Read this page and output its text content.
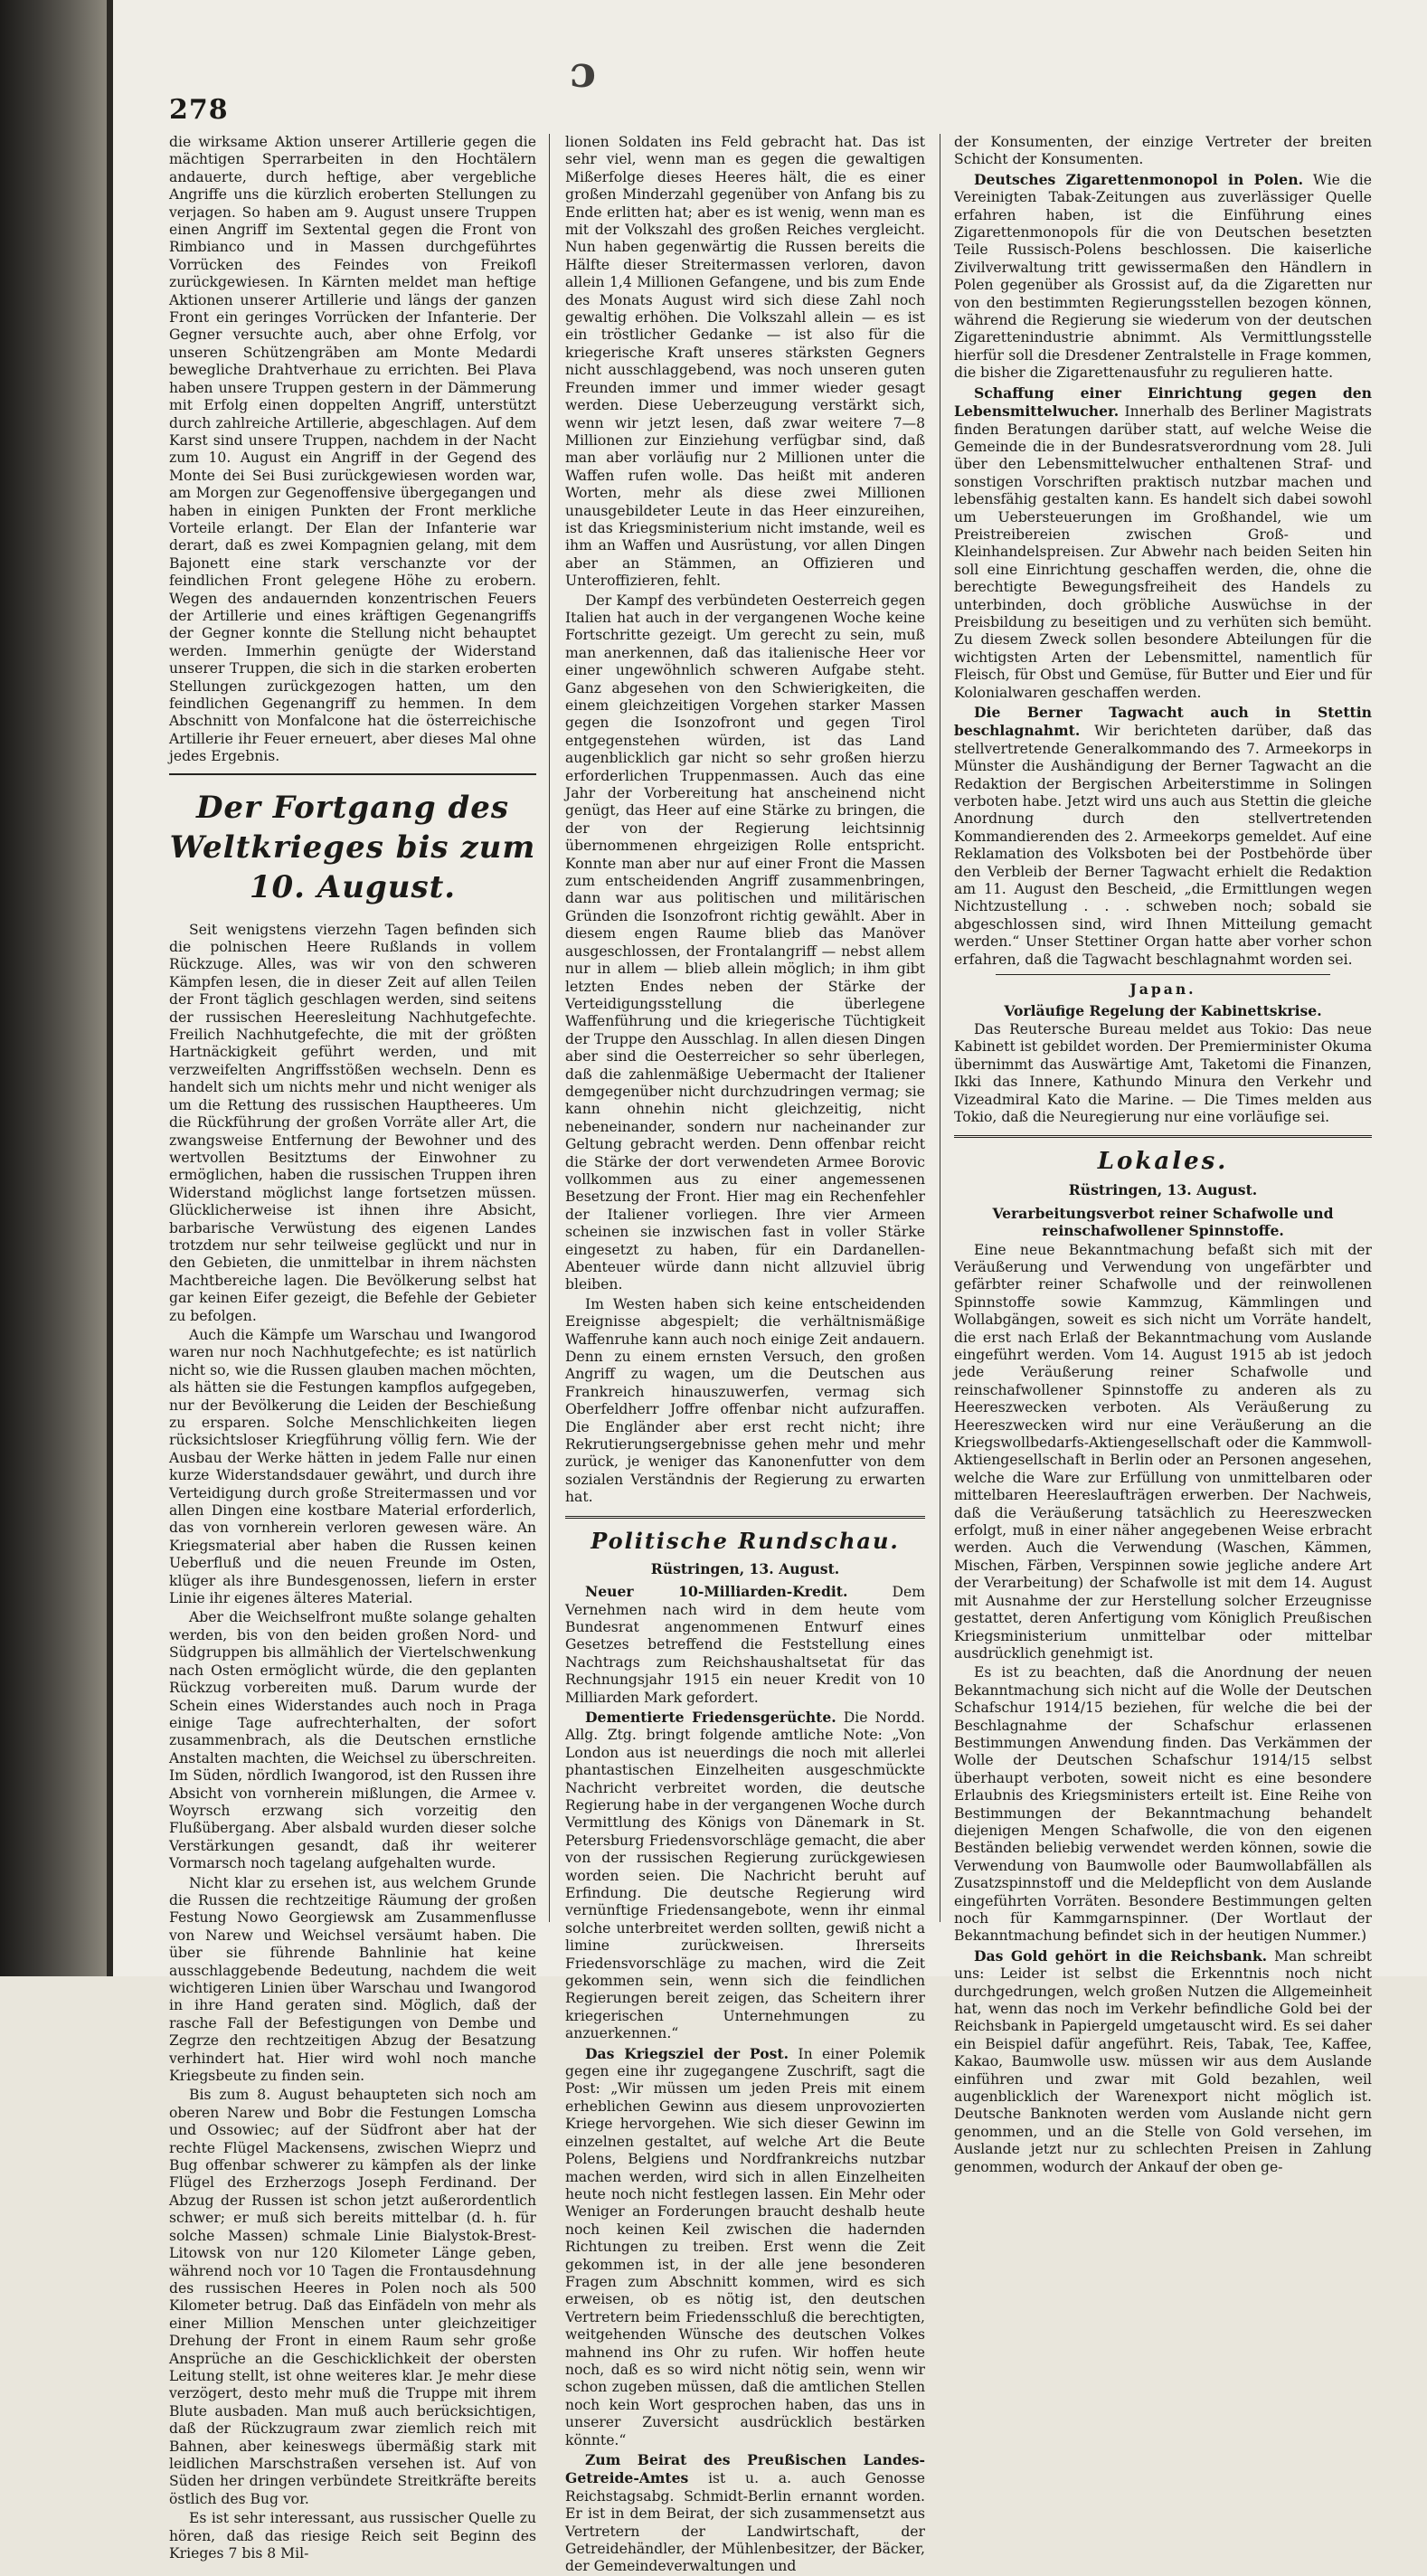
278
ɔ

die wirksame Aktion unserer Artillerie gegen die mächtigen Sperrarbeiten in den Hochtälern andauerte, durch heftige, aber vergebliche Angriffe uns die kürzlich eroberten Stellungen zu verjagen. So haben am 9. August unsere Truppen einen Angriff im Sextental gegen die Front von Rimbianco und in Massen durchgeführtes Vorrücken des Feindes von Freikofl zurückgewiesen. In Kärnten meldet man heftige Aktionen unserer Artillerie und längs der ganzen Front ein geringes Vorrücken der Infanterie. Der Gegner versuchte auch, aber ohne Erfolg, vor unseren Schützengräben am Monte Medardi bewegliche Drahtverhaue zu errichten. Bei Plava haben unsere Truppen gestern in der Dämmerung mit Erfolg einen doppelten Angriff, unterstützt durch zahlreiche Artillerie, abgeschlagen. Auf dem Karst sind unsere Truppen, nachdem in der Nacht zum 10. August ein Angriff in der Gegend des Monte dei Sei Busi zurückgewiesen worden war, am Morgen zur Gegenoffensive übergegangen und haben in einigen Punkten der Front merkliche Vorteile erlangt. Der Elan der Infanterie war derart, daß es zwei Kompagnien gelang, mit dem Bajonett eine stark verschanzte vor der feindlichen Front gelegene Höhe zu erobern. Wegen des andauernden konzentrischen Feuers der Artillerie und eines kräftigen Gegenangriffs der Gegner konnte die Stellung nicht behauptet werden. Immerhin genügte der Widerstand unserer Truppen, die sich in die starken eroberten Stellungen zurückgezogen hatten, um den feindlichen Gegenangriff zu hemmen. In dem Abschnitt von Monfalcone hat die österreichische Artillerie ihr Feuer erneuert, aber dieses Mal ohne jedes Ergebnis.

Der Fortgang des Weltkrieges bis zum 10. August.

Seit wenigstens vierzehn Tagen befinden sich die polnischen Heere Rußlands in vollem Rückzuge. Alles, was wir von den schweren Kämpfen lesen, die in dieser Zeit auf allen Teilen der Front täglich geschlagen werden, sind seitens der russischen Heeresleitung Nachhutgefechte. Freilich Nachhutgefechte, die mit der größten Hartnäckigkeit geführt werden, und mit verzweifelten Angriffsstößen wechseln. Denn es handelt sich um nichts mehr und nicht weniger als um die Rettung des russischen Hauptheeres. Um die Rückführung der großen Vorräte aller Art, die zwangsweise Entfernung der Bewohner und des wertvollen Besitztums der Einwohner zu ermöglichen, haben die russischen Truppen ihren Widerstand möglichst lange fortsetzen müssen. Glücklicherweise ist ihnen ihre Absicht, barbarische Verwüstung des eigenen Landes trotzdem nur sehr teilweise geglückt und nur in den Gebieten, die unmittelbar in ihrem nächsten Machtbereiche lagen. Die Bevölkerung selbst hat gar keinen Eifer gezeigt, die Befehle der Gebieter zu befolgen.

Auch die Kämpfe um Warschau und Iwangorod waren nur noch Nachhutgefechte; es ist natürlich nicht so, wie die Russen glauben machen möchten, als hätten sie die Festungen kampflos aufgegeben, nur der Bevölkerung die Leiden der Beschießung zu ersparen. Solche Menschlichkeiten liegen rücksichtsloser Kriegführung völlig fern. Wie der Ausbau der Werke hätten in jedem Falle nur einen kurze Widerstandsdauer gewährt, und durch ihre Verteidigung durch große Streitermassen und vor allen Dingen eine kostbare Material erforderlich, das von vornherein verloren gewesen wäre. An Kriegsmaterial aber haben die Russen keinen Ueberfluß und die neuen Freunde im Osten, klüger als ihre Bundesgenossen, liefern in erster Linie ihr eigenes älteres Material.

Aber die Weichselfront mußte solange gehalten werden, bis von den beiden großen Nord- und Südgruppen bis allmählich der Viertelschwenkung nach Osten ermöglicht würde, die den geplanten Rückzug vorbereiten muß. Darum wurde der Schein eines Widerstandes auch noch in Praga einige Tage aufrechterhalten, der sofort zusammenbrach, als die Deutschen ernstliche Anstalten machten, die Weichsel zu überschreiten. Im Süden, nördlich Iwangorod, ist den Russen ihre Absicht von vornherein mißlungen, die Armee v. Woyrsch erzwang sich vorzeitig den Flußübergang. Aber alsbald wurden dieser solche Verstärkungen gesandt, daß ihr weiterer Vormarsch noch tagelang aufgehalten wurde.

Nicht klar zu ersehen ist, aus welchem Grunde die Russen die rechtzeitige Räumung der großen Festung Nowo Georgiewsk am Zusammenflusse von Narew und Weichsel versäumt haben. Die über sie führende Bahnlinie hat keine ausschlaggebende Bedeutung, nachdem die weit wichtigeren Linien über Warschau und Iwangorod in ihre Hand geraten sind. Möglich, daß der rasche Fall der Befestigungen von Dembe und Zegrze den rechtzeitigen Abzug der Besatzung verhindert hat. Hier wird wohl noch manche Kriegsbeute zu finden sein.

Bis zum 8. August behaupteten sich noch am oberen Narew und Bobr die Festungen Lomscha und Ossowiec; auf der Südfront aber hat der rechte Flügel Mackensens, zwischen Wieprz und Bug offenbar schwerer zu kämpfen als der linke Flügel des Erzherzogs Joseph Ferdinand. Der Abzug der Russen ist schon jetzt außerordentlich schwer; er muß sich bereits mittelbar (d. h. für solche Massen) schmale Linie Bialystok-Brest-Litowsk von nur 120 Kilometer Länge geben, während noch vor 10 Tagen die Frontausdehnung des russischen Heeres in Polen noch als 500 Kilometer betrug. Daß das Einfädeln von mehr als einer Million Menschen unter gleichzeitiger Drehung der Front in einem Raum sehr große Ansprüche an die Geschicklichkeit der obersten Leitung stellt, ist ohne weiteres klar. Je mehr diese verzögert, desto mehr muß die Truppe mit ihrem Blute ausbaden. Man muß auch berücksichtigen, daß der Rückzugraum zwar ziemlich reich mit Bahnen, aber keineswegs übermäßig stark mit leidlichen Marschstraßen versehen ist. Auf von Süden her dringen verbündete Streitkräfte bereits östlich des Bug vor.

Es ist sehr interessant, aus russischer Quelle zu hören, daß das riesige Reich seit Beginn des Krieges 7 bis 8 Mil-

lionen Soldaten ins Feld gebracht hat. Das ist sehr viel, wenn man es gegen die gewaltigen Mißerfolge dieses Heeres hält, die es einer großen Minderzahl gegenüber von Anfang bis zu Ende erlitten hat; aber es ist wenig, wenn man es mit der Volkszahl des großen Reiches vergleicht. Nun haben gegenwärtig die Russen bereits die Hälfte dieser Streitermassen verloren, davon allein 1,4 Millionen Gefangene, und bis zum Ende des Monats August wird sich diese Zahl noch gewaltig erhöhen. Die Volkszahl allein — es ist ein tröstlicher Gedanke — ist also für die kriegerische Kraft unseres stärksten Gegners nicht ausschlaggebend, was noch unseren guten Freunden immer und immer wieder gesagt werden. Diese Ueberzeugung verstärkt sich, wenn wir jetzt lesen, daß zwar weitere 7—8 Millionen zur Einziehung verfügbar sind, daß man aber vorläufig nur 2 Millionen unter die Waffen rufen wolle. Das heißt mit anderen Worten, mehr als diese zwei Millionen unausgebildeter Leute in das Heer einzureihen, ist das Kriegsministerium nicht imstande, weil es ihm an Waffen und Ausrüstung, vor allen Dingen aber an Stämmen, an Offizieren und Unteroffizieren, fehlt.

Der Kampf des verbündeten Oesterreich gegen Italien hat auch in der vergangenen Woche keine Fortschritte gezeigt. Um gerecht zu sein, muß man anerkennen, daß das italienische Heer vor einer ungewöhnlich schweren Aufgabe steht. Ganz abgesehen von den Schwierigkeiten, die einem gleichzeitigen Vorgehen starker Massen gegen die Isonzofront und gegen Tirol entgegenstehen würden, ist das Land augenblicklich gar nicht so sehr großen hierzu erforderlichen Truppenmassen. Auch das eine Jahr der Vorbereitung hat anscheinend nicht genügt, das Heer auf eine Stärke zu bringen, die der von der Regierung leichtsinnig übernommenen ehrgeizigen Rolle entspricht. Konnte man aber nur auf einer Front die Massen zum entscheidenden Angriff zusammenbringen, dann war aus politischen und militärischen Gründen die Isonzofront richtig gewählt. Aber in diesem engen Raume blieb das Manöver ausgeschlossen, der Frontalangriff — nebst allem nur in allem — blieb allein möglich; in ihm gibt letzten Endes neben der Stärke der Verteidigungsstellung die überlegene Waffenführung und die kriegerische Tüchtigkeit der Truppe den Ausschlag. In allen diesen Dingen aber sind die Oesterreicher so sehr überlegen, daß die zahlenmäßige Uebermacht der Italiener demgegenüber nicht durchzudringen vermag; sie kann ohnehin nicht gleichzeitig, nicht nebeneinander, sondern nur nacheinander zur Geltung gebracht werden. Denn offenbar reicht die Stärke der dort verwendeten Armee Borovic vollkommen aus zu einer angemessenen Besetzung der Front. Hier mag ein Rechenfehler der Italiener vorliegen. Ihre vier Armeen scheinen sie inzwischen fast in voller Stärke eingesetzt zu haben, für ein Dardanellen-Abenteuer würde dann nicht allzuviel übrig bleiben.

Im Westen haben sich keine entscheidenden Ereignisse abgespielt; die verhältnismäßige Waffenruhe kann auch noch einige Zeit andauern. Denn zu einem ernsten Versuch, den großen Angriff zu wagen, um die Deutschen aus Frankreich hinauszuwerfen, vermag sich Oberfeldherr Joffre offenbar nicht aufzuraffen. Die Engländer aber erst recht nicht; ihre Rekrutierungsergebnisse gehen mehr und mehr zurück, je weniger das Kanonenfutter von dem sozialen Verständnis der Regierung zu erwarten hat.

Politische Rundschau.
Rüstringen, 13. August.

Neuer 10-Milliarden-Kredit.	Dem Vernehmen nach wird in dem heute vom Bundesrat angenommenen Entwurf eines Gesetzes betreffend die Feststellung eines Nachtrags zum Reichshaushaltsetat für das Rechnungsjahr 1915 ein neuer Kredit von 10 Milliarden Mark gefordert.

Dementierte Friedensgerüchte. Die Nordd. Allg. Ztg. bringt folgende amtliche Note: „Von London aus ist neuerdings die noch mit allerlei phantastischen Einzelheiten ausgeschmückte Nachricht verbreitet worden, die deutsche Regierung habe in der vergangenen Woche durch Vermittlung des Königs von Dänemark in St. Petersburg Friedensvorschläge gemacht, die aber von der russischen Regierung zurückgewiesen worden seien. Die Nachricht beruht auf Erfindung. Die deutsche Regierung wird vernünftige Friedensangebote, wenn ihr einmal solche unterbreitet werden sollten, gewiß nicht a limine zurückweisen. Ihrerseits Friedensvorschläge zu machen, wird die Zeit gekommen sein, wenn sich die feindlichen Regierungen bereit zeigen, das Scheitern ihrer kriegerischen Unternehmungen zu anzuerkennen.“

Das Kriegsziel der Post. In einer Polemik gegen eine ihr zugegangene Zuschrift, sagt die Post: „Wir müssen um jeden Preis mit einem erheblichen Gewinn aus diesem unprovozierten Kriege hervorgehen. Wie sich dieser Gewinn im einzelnen gestaltet, auf welche Art die Beute Polens, Belgiens und Nordfrankreichs nutzbar machen werden, wird sich in allen Einzelheiten heute noch nicht festlegen lassen. Ein Mehr oder Weniger an Forderungen braucht deshalb heute noch keinen Keil zwischen die hadernden Richtungen zu treiben. Erst wenn die Zeit gekommen ist, in der alle jene besonderen Fragen zum Abschnitt kommen, wird es sich erweisen, ob es nötig ist, den deutschen Vertretern beim Friedensschluß die berechtigten, weitgehenden Wünsche des deutschen Volkes mahnend ins Ohr zu rufen. Wir hoffen heute noch, daß es so wird nicht nötig sein, wenn wir schon zugeben müssen, daß die amtlichen Stellen noch kein Wort gesprochen haben, das uns in unserer Zuversicht ausdrücklich bestärken könnte.“

Zum Beirat des Preußischen Landes-Getreide-Amtes ist u. a. auch Genosse Reichstagsabg. Schmidt-Berlin ernannt worden. Er ist in dem Beirat, der sich zusammensetzt aus Vertretern der Landwirtschaft, der Getreidehändler, der Mühlenbesitzer, der Bäcker, der Gemeindeverwaltungen und

der Konsumenten, der einzige Vertreter der breiten Schicht der Konsumenten.

Deutsches Zigarettenmonopol in Polen. Wie die Vereinigten Tabak-Zeitungen aus zuverlässiger Quelle erfahren haben, ist die Einführung eines Zigarettenmonopols für die von Deutschen besetzten Teile Russisch-Polens beschlossen. Die kaiserliche Zivilverwaltung tritt gewissermaßen den Händlern in Polen gegenüber als Grossist auf, da die Zigaretten nur von den bestimmten Regierungsstellen bezogen können, während die Regierung sie wiederum von der deutschen Zigarettenindustrie abnimmt. Als Vermittlungsstelle hierfür soll die Dresdener Zentralstelle in Frage kommen, die bisher die Zigarettenausfuhr zu regulieren hatte.

Schaffung einer Einrichtung gegen den Lebensmittelwucher. Innerhalb des Berliner Magistrats finden Beratungen darüber statt, auf welche Weise die Gemeinde die in der Bundesratsverordnung vom 28. Juli über den Lebensmittelwucher enthaltenen Straf- und sonstigen Vorschriften praktisch nutzbar machen und lebensfähig gestalten kann. Es handelt sich dabei sowohl um Uebersteuerungen im Großhandel, wie um Preistreibereien zwischen Groß- und Kleinhandelspreisen. Zur Abwehr nach beiden Seiten hin soll eine Einrichtung geschaffen werden, die, ohne die berechtigte Bewegungsfreiheit des Handels zu unterbinden, doch gröbliche Auswüchse in der Preisbildung zu beseitigen und zu verhüten sich bemüht. Zu diesem Zweck sollen besondere Abteilungen für die wichtigsten Arten der Lebensmittel, namentlich für Fleisch, für Obst und Gemüse, für Butter und Eier und für Kolonialwaren geschaffen werden.

Die Berner Tagwacht auch in Stettin beschlagnahmt. Wir berichteten darüber, daß das stellvertretende Generalkommando des 7. Armeekorps in Münster die Aushändigung der Berner Tagwacht an die Redaktion der Bergischen Arbeiterstimme in Solingen verboten habe. Jetzt wird uns auch aus Stettin die gleiche Anordnung durch den stellvertretenden Kommandierenden des 2. Armeekorps gemeldet. Auf eine Reklamation des Volksboten bei der Postbehörde über den Verbleib der Berner Tagwacht erhielt die Redaktion am 11. August den Bescheid, „die Ermittlungen wegen Nichtzustellung . . . schweben noch; sobald sie abgeschlossen sind, wird Ihnen Mitteilung gemacht werden.“ Unser Stettiner Organ hatte aber vorher schon erfahren, daß die Tagwacht beschlagnahmt worden sei.

Japan.

Vorläufige Regelung der Kabinettskrise.

Das Reutersche Bureau meldet aus Tokio: Das neue Kabinett ist gebildet worden. Der Premierminister Okuma übernimmt das Auswärtige Amt, Taketomi die Finanzen, Ikki das Innere, Kathundo Minura den Verkehr und Vizeadmiral Kato die Marine. — Die Times melden aus Tokio, daß die Neuregierung nur eine vorläufige sei.

Lokales.
Rüstringen, 13. August.

Verarbeitungsverbot reiner Schafwolle und reinschafwollener Spinnstoffe.

Eine neue Bekanntmachung befaßt sich mit der Veräußerung und Verwendung von ungefärbter und gefärbter reiner Schafwolle und der reinwollenen Spinnstoffe sowie Kammzug, Kämmlingen und Wollabgängen, soweit es sich nicht um Vorräte handelt, die erst nach Erlaß der Bekanntmachung vom Auslande eingeführt werden. Vom 14. August 1915 ab ist jedoch jede Veräußerung reiner Schafwolle und reinschafwollener Spinnstoffe zu anderen als zu Heereszwecken verboten. Als Veräußerung zu Heereszwecken wird nur eine Veräußerung an die Kriegswollbedarfs-Aktiengesellschaft oder die Kammwoll-Aktiengesellschaft in Berlin oder an Personen angesehen, welche die Ware zur Erfüllung von unmittelbaren oder mittelbaren Heereslaufträgen erwerben. Der Nachweis, daß die Veräußerung tatsächlich zu Heereszwecken erfolgt, muß in einer näher angegebenen Weise erbracht werden. Auch die Verwendung (Waschen, Kämmen, Mischen, Färben, Verspinnen sowie jegliche andere Art der Verarbeitung) der Schafwolle ist mit dem 14. August mit Ausnahme der zur Herstellung solcher Erzeugnisse gestattet, deren Anfertigung vom Königlich Preußischen Kriegsministerium unmittelbar oder mittelbar ausdrücklich genehmigt ist.

Es ist zu beachten, daß die Anordnung der neuen Bekanntmachung sich nicht auf die Wolle der Deutschen Schafschur 1914/15 beziehen, für welche die bei der Beschlagnahme der Schafschur erlassenen Bestimmungen Anwendung finden. Das Verkämmen der Wolle der Deutschen Schafschur 1914/15 selbst überhaupt verboten, soweit nicht es eine besondere Erlaubnis des Kriegsministers erteilt ist. Eine Reihe von Bestimmungen der Bekanntmachung behandelt diejenigen Mengen Schafwolle, die von den eigenen Beständen beliebig verwendet werden können, sowie die Verwendung von Baumwolle oder Baumwollabfällen als Zusatzspinnstoff und die Meldepflicht von dem Auslande eingeführten Vorräten. Besondere Bestimmungen gelten noch für Kammgarnspinner. (Der Wortlaut der Bekanntmachung befindet sich in der heutigen Nummer.)

Das Gold gehört in die Reichsbank. Man schreibt uns: Leider ist selbst die Erkenntnis noch nicht durchgedrungen, welch großen Nutzen die Allgemeinheit hat, wenn das noch im Verkehr befindliche Gold bei der Reichsbank in Papiergeld umgetauscht wird. Es sei daher ein Beispiel dafür angeführt. Reis, Tabak, Tee, Kaffee, Kakao, Baumwolle usw. müssen wir aus dem Auslande einführen und zwar mit Gold bezahlen, weil augenblicklich der Warenexport nicht möglich ist. Deutsche Banknoten werden vom Auslande nicht gern genommen, und an die Stelle von Gold versehen, im Auslande jetzt nur zu schlechten Preisen in Zahlung genommen, wodurch der Ankauf der oben ge-
